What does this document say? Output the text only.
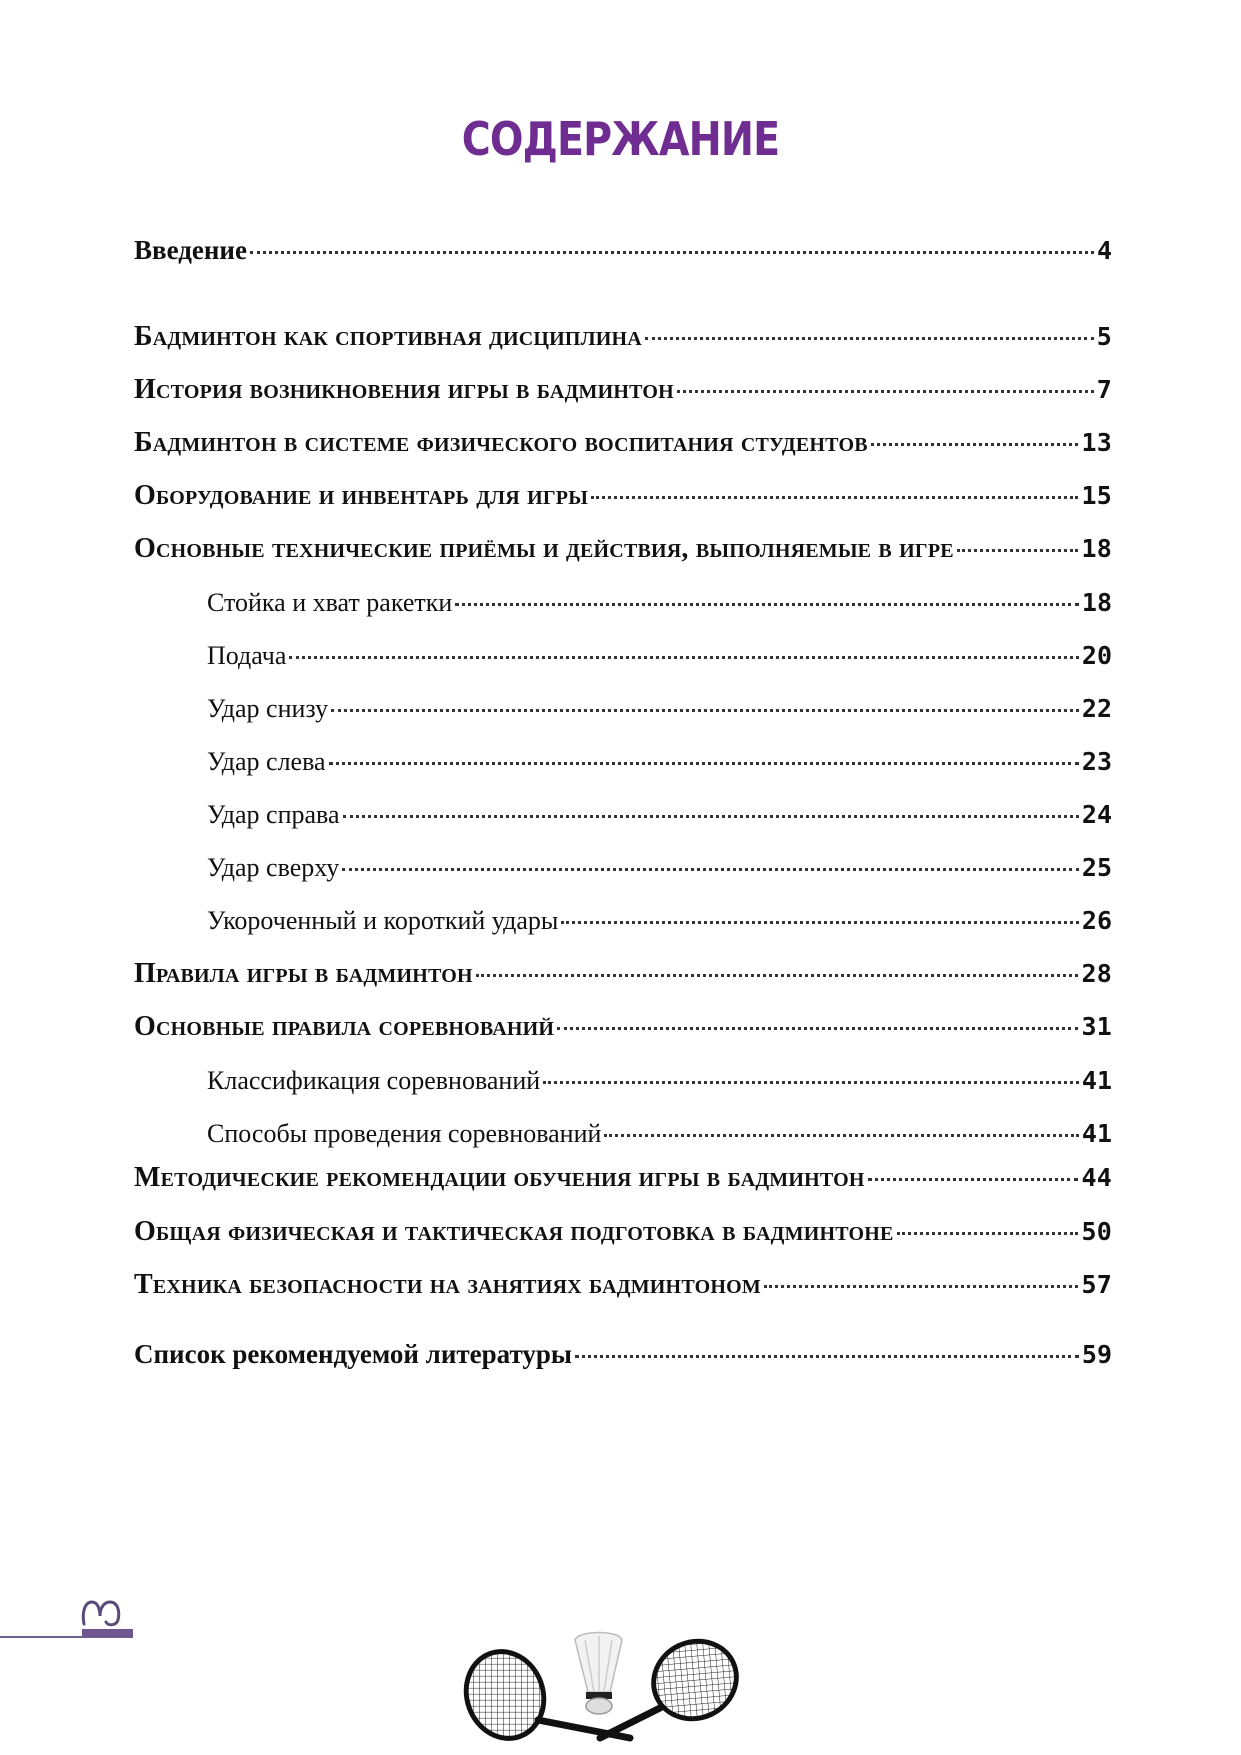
СОДЕРЖАНИЕ
Введение	4
Бадминтон как спортивная дисциплина	5
История возникновения игры в бадминтон	7
Бадминтон в системе физического воспитания студентов	13
Оборудование и инвентарь для игры	15
Основные технические приёмы и действия, выполняемые в игре	18
Стойка и хват ракетки	18
Подача	20
Удар снизу	22
Удар слева	23
Удар справа	24
Удар сверху	25
Укороченный и короткий удары	26
Правила игры в бадминтон	28
Основные правила соревнований	31
Классификация соревнований	41
Способы проведения соревнований	41
Методические рекомендации обучения игры в бадминтон	44
Общая физическая и тактическая подготовка в бадминтоне	50
Техника безопасности на занятиях бадминтоном	57
Список рекомендуемой литературы	59
